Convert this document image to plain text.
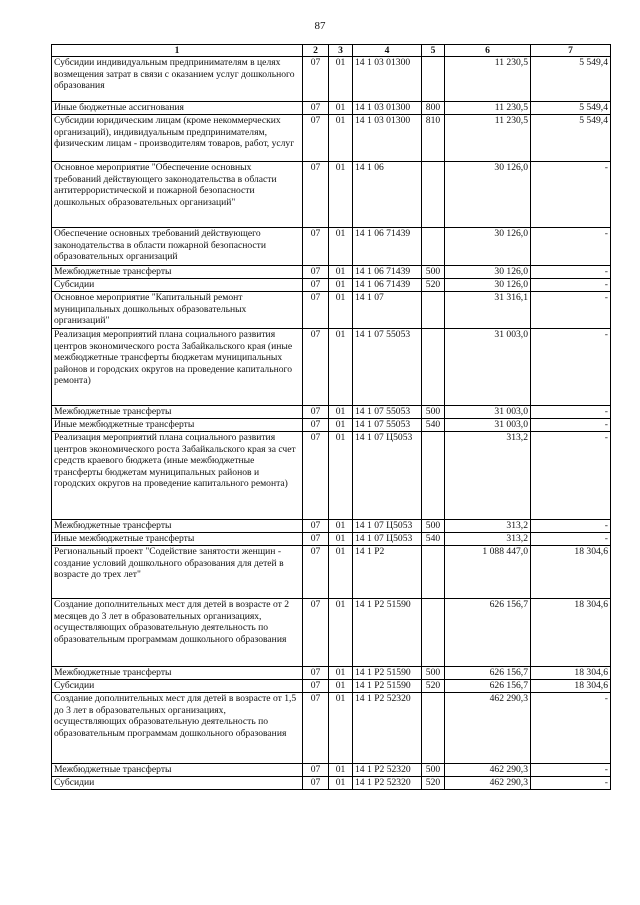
87
1	2	3	4	5	6	7
Субсидии индивидуальным предпринимателям в целях возмещения затрат в связи с оказанием услуг дошкольного образования	07	01	14 1 03 01300		11 230,5	5 549,4
Иные бюджетные ассигнования	07	01	14 1 03 01300	800	11 230,5	5 549,4
Субсидии юридическим лицам (кроме некоммерческих организаций), индивидуальным предпринимателям, физическим лицам - производителям товаров, работ, услуг	07	01	14 1 03 01300	810	11 230,5	5 549,4
Основное мероприятие "Обеспечение основных требований действующего законодательства в области антитеррористической и пожарной безопасности дошкольных образовательных организаций"	07	01	14 1 06		30 126,0	-
Обеспечение основных требований действующего законодательства в области пожарной безопасности образовательных организаций	07	01	14 1 06 71439		30 126,0	-
Межбюджетные трансферты	07	01	14 1 06 71439	500	30 126,0	-
Субсидии	07	01	14 1 06 71439	520	30 126,0	-
Основное мероприятие "Капитальный ремонт муниципальных дошкольных образовательных организаций"	07	01	14 1 07		31 316,1	-
Реализация мероприятий плана социального развития центров экономического роста Забайкальского края (иные межбюджетные трансферты бюджетам муниципальных районов и городских округов на проведение капитального ремонта)	07	01	14 1 07 55053		31 003,0	-
Межбюджетные трансферты	07	01	14 1 07 55053	500	31 003,0	-
Иные межбюджетные трансферты	07	01	14 1 07 55053	540	31 003,0	-
Реализация мероприятий плана социального развития центров экономического роста Забайкальского края за счет средств краевого бюджета (иные межбюджетные трансферты бюджетам муниципальных районов и городских округов на проведение капитального ремонта)	07	01	14 1 07 Ц5053		313,2	-
Межбюджетные трансферты	07	01	14 1 07 Ц5053	500	313,2	-
Иные межбюджетные трансферты	07	01	14 1 07 Ц5053	540	313,2	-
Региональный проект "Содействие занятости женщин - создание условий дошкольного образования для детей в возрасте до трех лет"	07	01	14 1 P2		1 088 447,0	18 304,6
Создание дополнительных мест для детей в возрасте от 2 месяцев до 3 лет в образовательных организациях, осуществляющих образовательную деятельность по образовательным программам дошкольного образования	07	01	14 1 P2 51590		626 156,7	18 304,6
Межбюджетные трансферты	07	01	14 1 P2 51590	500	626 156,7	18 304,6
Субсидии	07	01	14 1 P2 51590	520	626 156,7	18 304,6
Создание дополнительных мест для детей в возрасте от 1,5 до 3 лет в образовательных организациях, осуществляющих образовательную деятельность по образовательным программам дошкольного образования	07	01	14 1 P2 52320		462 290,3	-
Межбюджетные трансферты	07	01	14 1 P2 52320	500	462 290,3	-
Субсидии	07	01	14 1 P2 52320	520	462 290,3	-
